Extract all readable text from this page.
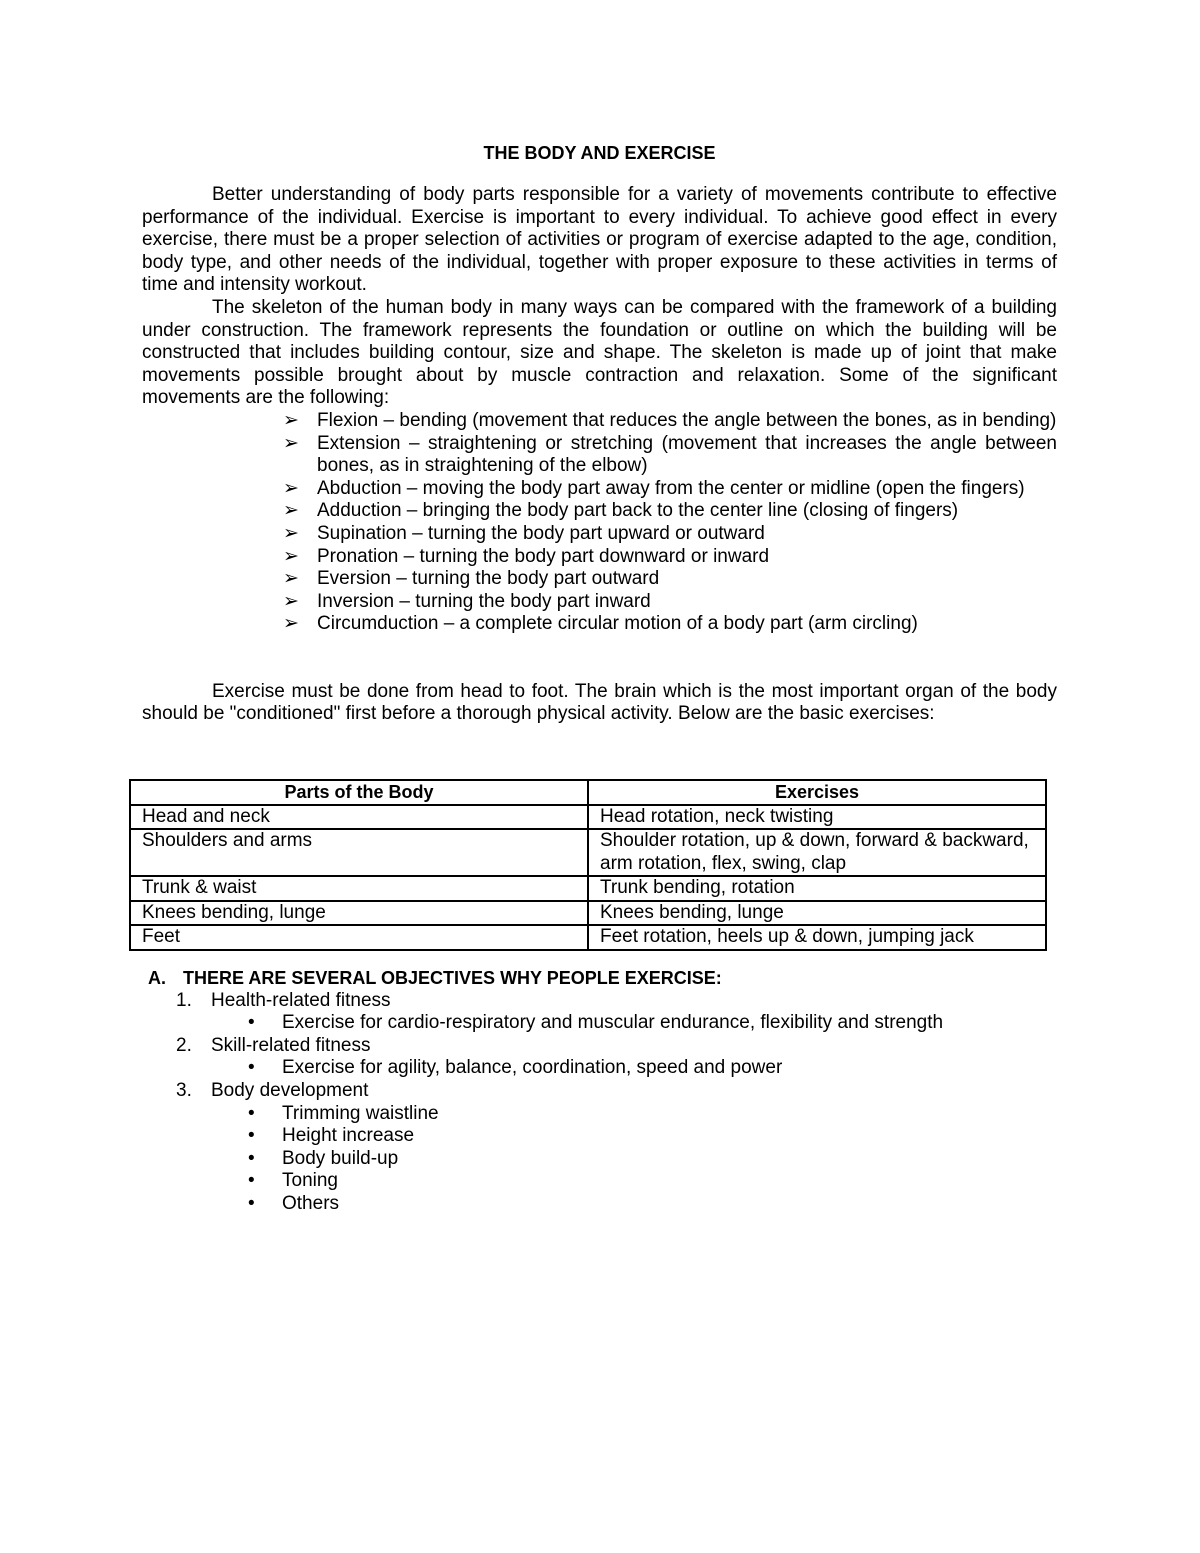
THE BODY AND EXERCISE

Better understanding of body parts responsible for a variety of movements contribute to effective performance of the individual. Exercise is important to every individual. To achieve good effect in every exercise, there must be a proper selection of activities or program of exercise adapted to the age, condition, body type, and other needs of the individual, together with proper exposure to these activities in terms of time and intensity workout.

The skeleton of the human body in many ways can be compared with the framework of a building under construction. The framework represents the foundation or outline on which the building will be constructed that includes building contour, size and shape. The skeleton is made up of joint that make movements possible brought about by muscle contraction and relaxation. Some of the significant movements are the following:

➢ Flexion – bending (movement that reduces the angle between the bones, as in bending)
➢ Extension – straightening or stretching (movement that increases the angle between bones, as in straightening of the elbow)
➢ Abduction – moving the body part away from the center or midline (open the fingers)
➢ Adduction – bringing the body part back to the center line (closing of fingers)
➢ Supination – turning the body part upward or outward
➢ Pronation – turning the body part downward or inward
➢ Eversion – turning the body part outward
➢ Inversion – turning the body part inward
➢ Circumduction – a complete circular motion of a body part (arm circling)

Exercise must be done from head to foot. The brain which is the most important organ of the body should be "conditioned" first before a thorough physical activity. Below are the basic exercises:

Parts of the Body	Exercises
Head and neck	Head rotation, neck twisting
Shoulders and arms	Shoulder rotation, up & down, forward & backward, arm rotation, flex, swing, clap
Trunk & waist	Trunk bending, rotation
Knees bending, lunge	Knees bending, lunge
Feet	Feet rotation, heels up & down, jumping jack

A. THERE ARE SEVERAL OBJECTIVES WHY PEOPLE EXERCISE:

1. Health-related fitness
• Exercise for cardio-respiratory and muscular endurance, flexibility and strength
2. Skill-related fitness
• Exercise for agility, balance, coordination, speed and power
3. Body development
• Trimming waistline
• Height increase
• Body build-up
• Toning
• Others
